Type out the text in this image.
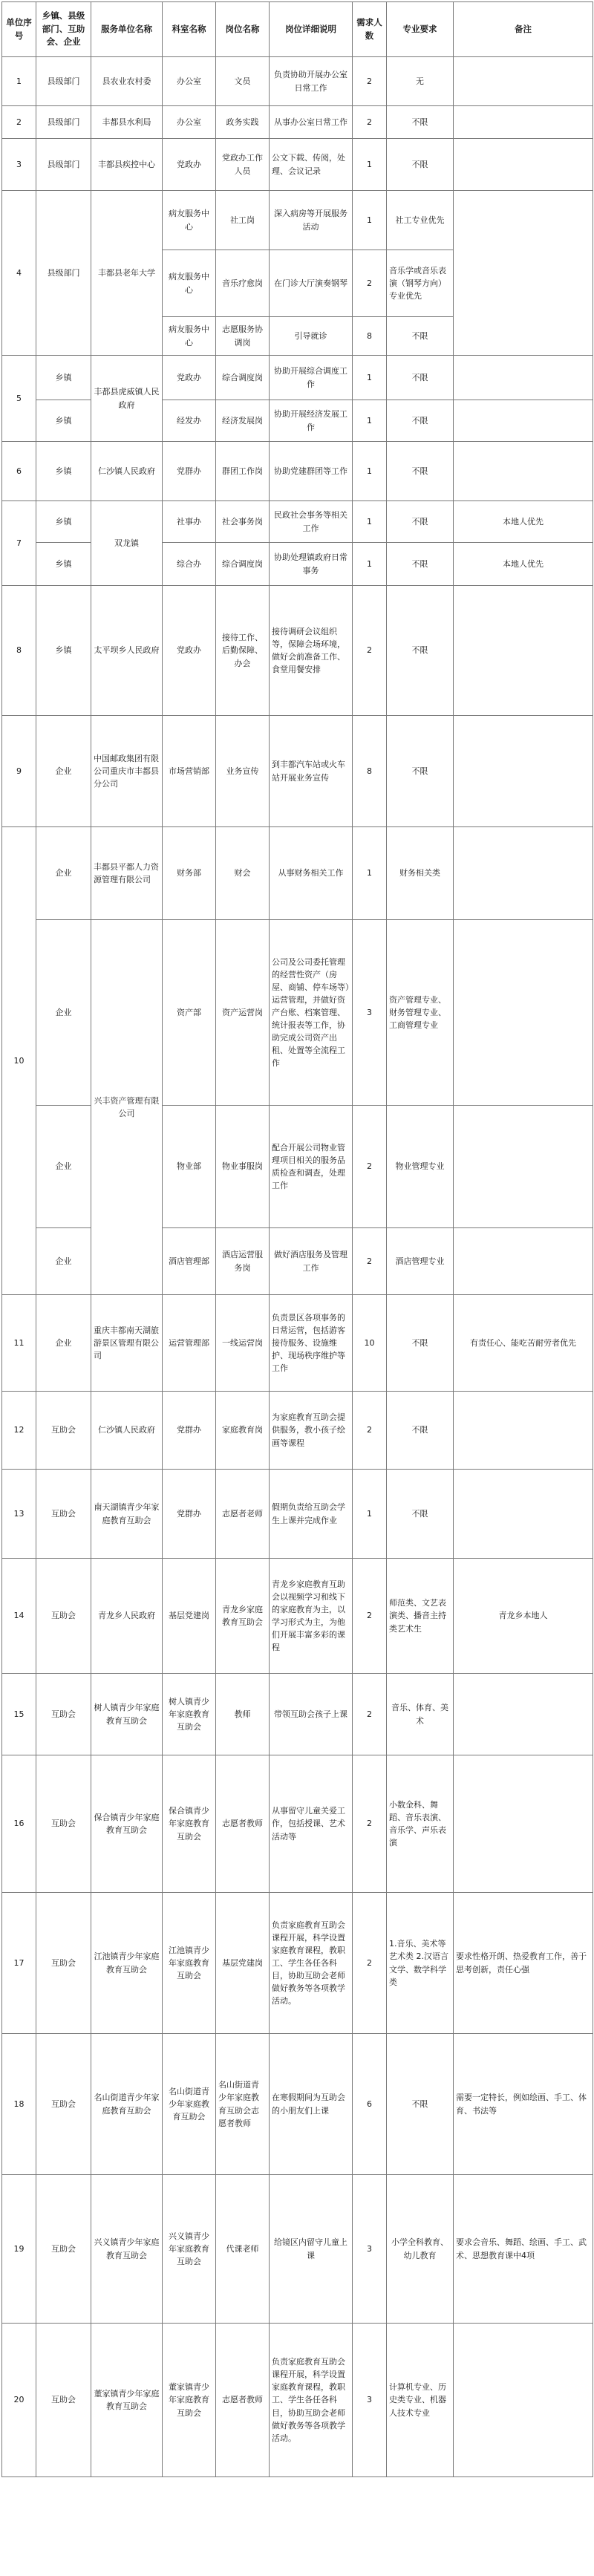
单位序号	乡镇、县级部门、互助会、企业	服务单位名称	科室名称	岗位名称	岗位详细说明	需求人数	专业要求	备注
1	县级部门	县农业农村委	办公室	文员	负责协助开展办公室日常工作	2	无	
2	县级部门	丰都县水利局	办公室	政务实践	从事办公室日常工作	2	不限	
3	县级部门	丰都县疾控中心	党政办	党政办工作人员	公文下载、传阅，处理、会议记录	1	不限	
4	县级部门	丰都县老年大学	病友服务中心	社工岗	深入病房等开展服务活动	1	社工专业优先	
			病友服务中心	音乐疗愈岗	在门诊大厅演奏钢琴	2	音乐学或音乐表演（钢琴方向）专业优先	
			病友服务中心	志愿服务协调岗	引导就诊	8	不限	
5	乡镇	丰都县虎威镇人民政府	党政办	综合调度岗	协助开展综合调度工作	1	不限	
	乡镇		经发办	经济发展岗	协助开展经济发展工作	1	不限	
6	乡镇	仁沙镇人民政府	党群办	群团工作岗	协助党建群团等工作	1	不限	
7	乡镇	双龙镇	社事办	社会事务岗	民政社会事务等相关工作	1	不限	本地人优先
	乡镇		综合办	综合调度岗	协助处理镇政府日常事务	1	不限	本地人优先
8	乡镇	太平坝乡人民政府	党政办	接待工作、后勤保障、办会	接待调研会议组织等，保障会场环境，做好会前准备工作、食堂用餐安排	2	不限	
9	企业	中国邮政集团有限公司重庆市丰都县分公司	市场营销部	业务宣传	到丰都汽车站或火车站开展业务宣传	8	不限	
10	企业	丰都县平都人力资源管理有限公司	财务部	财会	从事财务相关工作	1	财务相关类	
	企业	兴丰资产管理有限公司	资产部	资产运营岗	公司及公司委托管理的经营性资产（房屋、商铺、停车场等）运营管理，并做好资产台账、档案管理、统计报表等工作，协助完成公司资产出租、处置等全流程工作	3	资产管理专业、财务管理专业、工商管理专业	
	企业		物业部	物业事服岗	配合开展公司物业管理项目相关的服务品质检查和调查，处理工作	2	物业管理专业	
	企业		酒店管理部	酒店运营服务岗	做好酒店服务及管理工作	2	酒店管理专业	
11	企业	重庆丰都南天湖旅游景区管理有限公司	运营管理部	一线运营岗	负责景区各项事务的日常运营，包括游客接待服务、设施维护、现场秩序维护等工作	10	不限	有责任心、能吃苦耐劳者优先
12	互助会	仁沙镇人民政府	党群办	家庭教育岗	为家庭教育互助会提供服务，教小孩子绘画等课程	2	不限	
13	互助会	南天湖镇青少年家庭教育互助会	党群办	志愿者老师	假期负责给互助会学生上课并完成作业	1	不限	
14	互助会	青龙乡人民政府	基层党建岗	青龙乡家庭教育互助会	青龙乡家庭教育互助会以视频学习和线下的家庭教育为主，以学习形式为主，为他们开展丰富多彩的课程	2	师范类、文艺表演类、播音主持类艺术生	青龙乡本地人
15	互助会	树人镇青少年家庭教育互助会	树人镇青少年家庭教育互助会	教师	带领互助会孩子上课	2	音乐、体育、美术	
16	互助会	保合镇青少年家庭教育互助会	保合镇青少年家庭教育互助会	志愿者教师	从事留守儿童关爱工作，包括授课、艺术活动等	2	小数金科、舞蹈、音乐表演、音乐学、声乐表演	
17	互助会	江池镇青少年家庭教育互助会	江池镇青少年家庭教育互助会	基层党建岗	负责家庭教育互助会课程开展，科学设置家庭教育课程，教职工、学生各任各科目，协助互助会老师做好教务等各项教学活动。	2	1.音乐、美术等艺术类 2.汉语言文学、数学科学类	要求性格开朗、热爱教育工作，善于思考创新，责任心强
18	互助会	名山街道青少年家庭教育互助会	名山街道青少年家庭教育互助会	名山街道青少年家庭教育互助会志愿者教师	在寒假期间为互助会的小朋友们上课	6	不限	需要一定特长，例如绘画、手工、体育、书法等
19	互助会	兴义镇青少年家庭教育互助会	兴义镇青少年家庭教育互助会	代课老师	给镜区内留守儿童上课	3	小学全科教育、幼儿教育	要求会音乐、舞蹈、绘画、手工、武术、思想教育课中4项
20	互助会	董家镇青少年家庭教育互助会	董家镇青少年家庭教育互助会	志愿者教师	负责家庭教育互助会课程开展，科学设置家庭教育课程，教职工、学生各任各科目，协助互助会老师做好教务等各项教学活动。	3	计算机专业、历史类专业、机器人技术专业	
